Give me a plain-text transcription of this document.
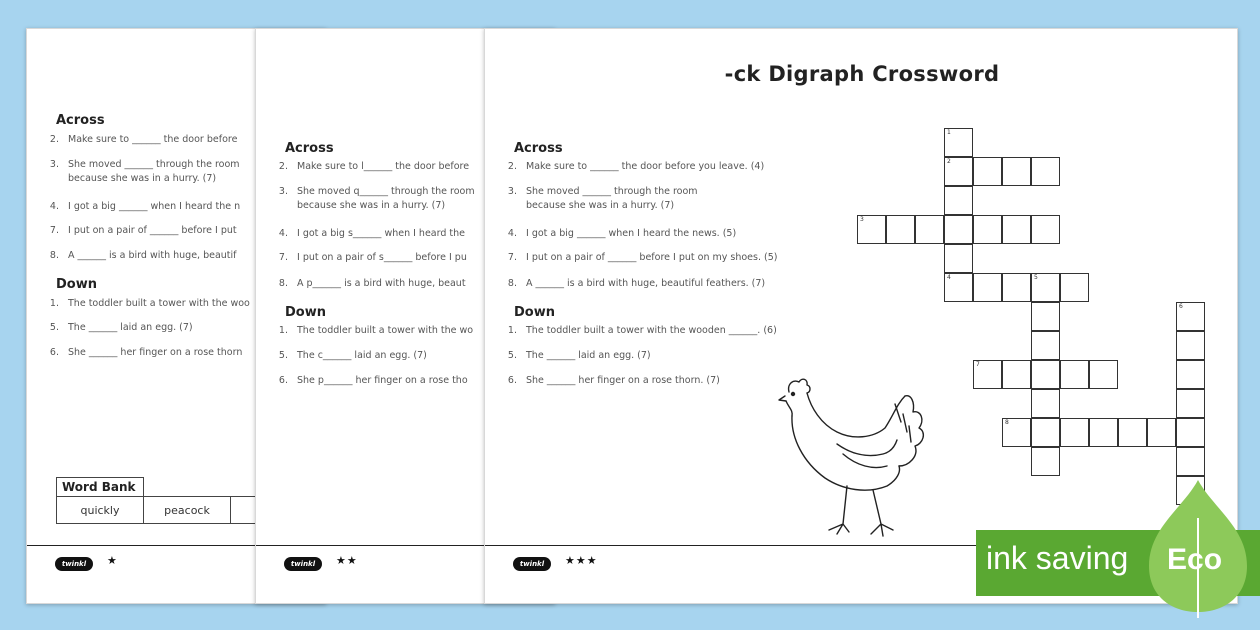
Across
2. Make sure to ______ the door before
3. She moved ______ through the room
because she was in a hurry. (7)
4. I got a big ______ when I heard the n
7. I put on a pair of ______ before I put
8. A ______ is a bird with huge, beautif
Down
1. The toddler built a tower with the woo
5. The ______ laid an egg. (7)
6. She ______ her finger on a rose thorn
Word Bank		
quickly	peacock	
twinkl	★
Across
2. Make sure to l______ the door before
3. She moved q______ through the room
because she was in a hurry. (7)
4. I got a big s______ when I heard the
7. I put on a pair of s______ before I pu
8. A p______ is a bird with huge, beaut
Down
1. The toddler built a tower with the wo
5. The c______ laid an egg. (7)
6. She p______ her finger on a rose tho
twinkl	★★
-ck Digraph Crossword
Across
2. Make sure to ______ the door before you leave. (4)
3. She moved ______ through the room
because she was in a hurry. (7)
4. I got a big ______ when I heard the news. (5)
7. I put on a pair of ______ before I put on my shoes. (5)
8. A ______ is a bird with huge, beautiful feathers. (7)
Down
1. The toddler built a tower with the wooden ______. (6)
5. The ______ laid an egg. (7)
6. She ______ her finger on a rose thorn. (7)
1
2
3
4	5
6
7
8
twinkl	★★★	ink saving Eco
